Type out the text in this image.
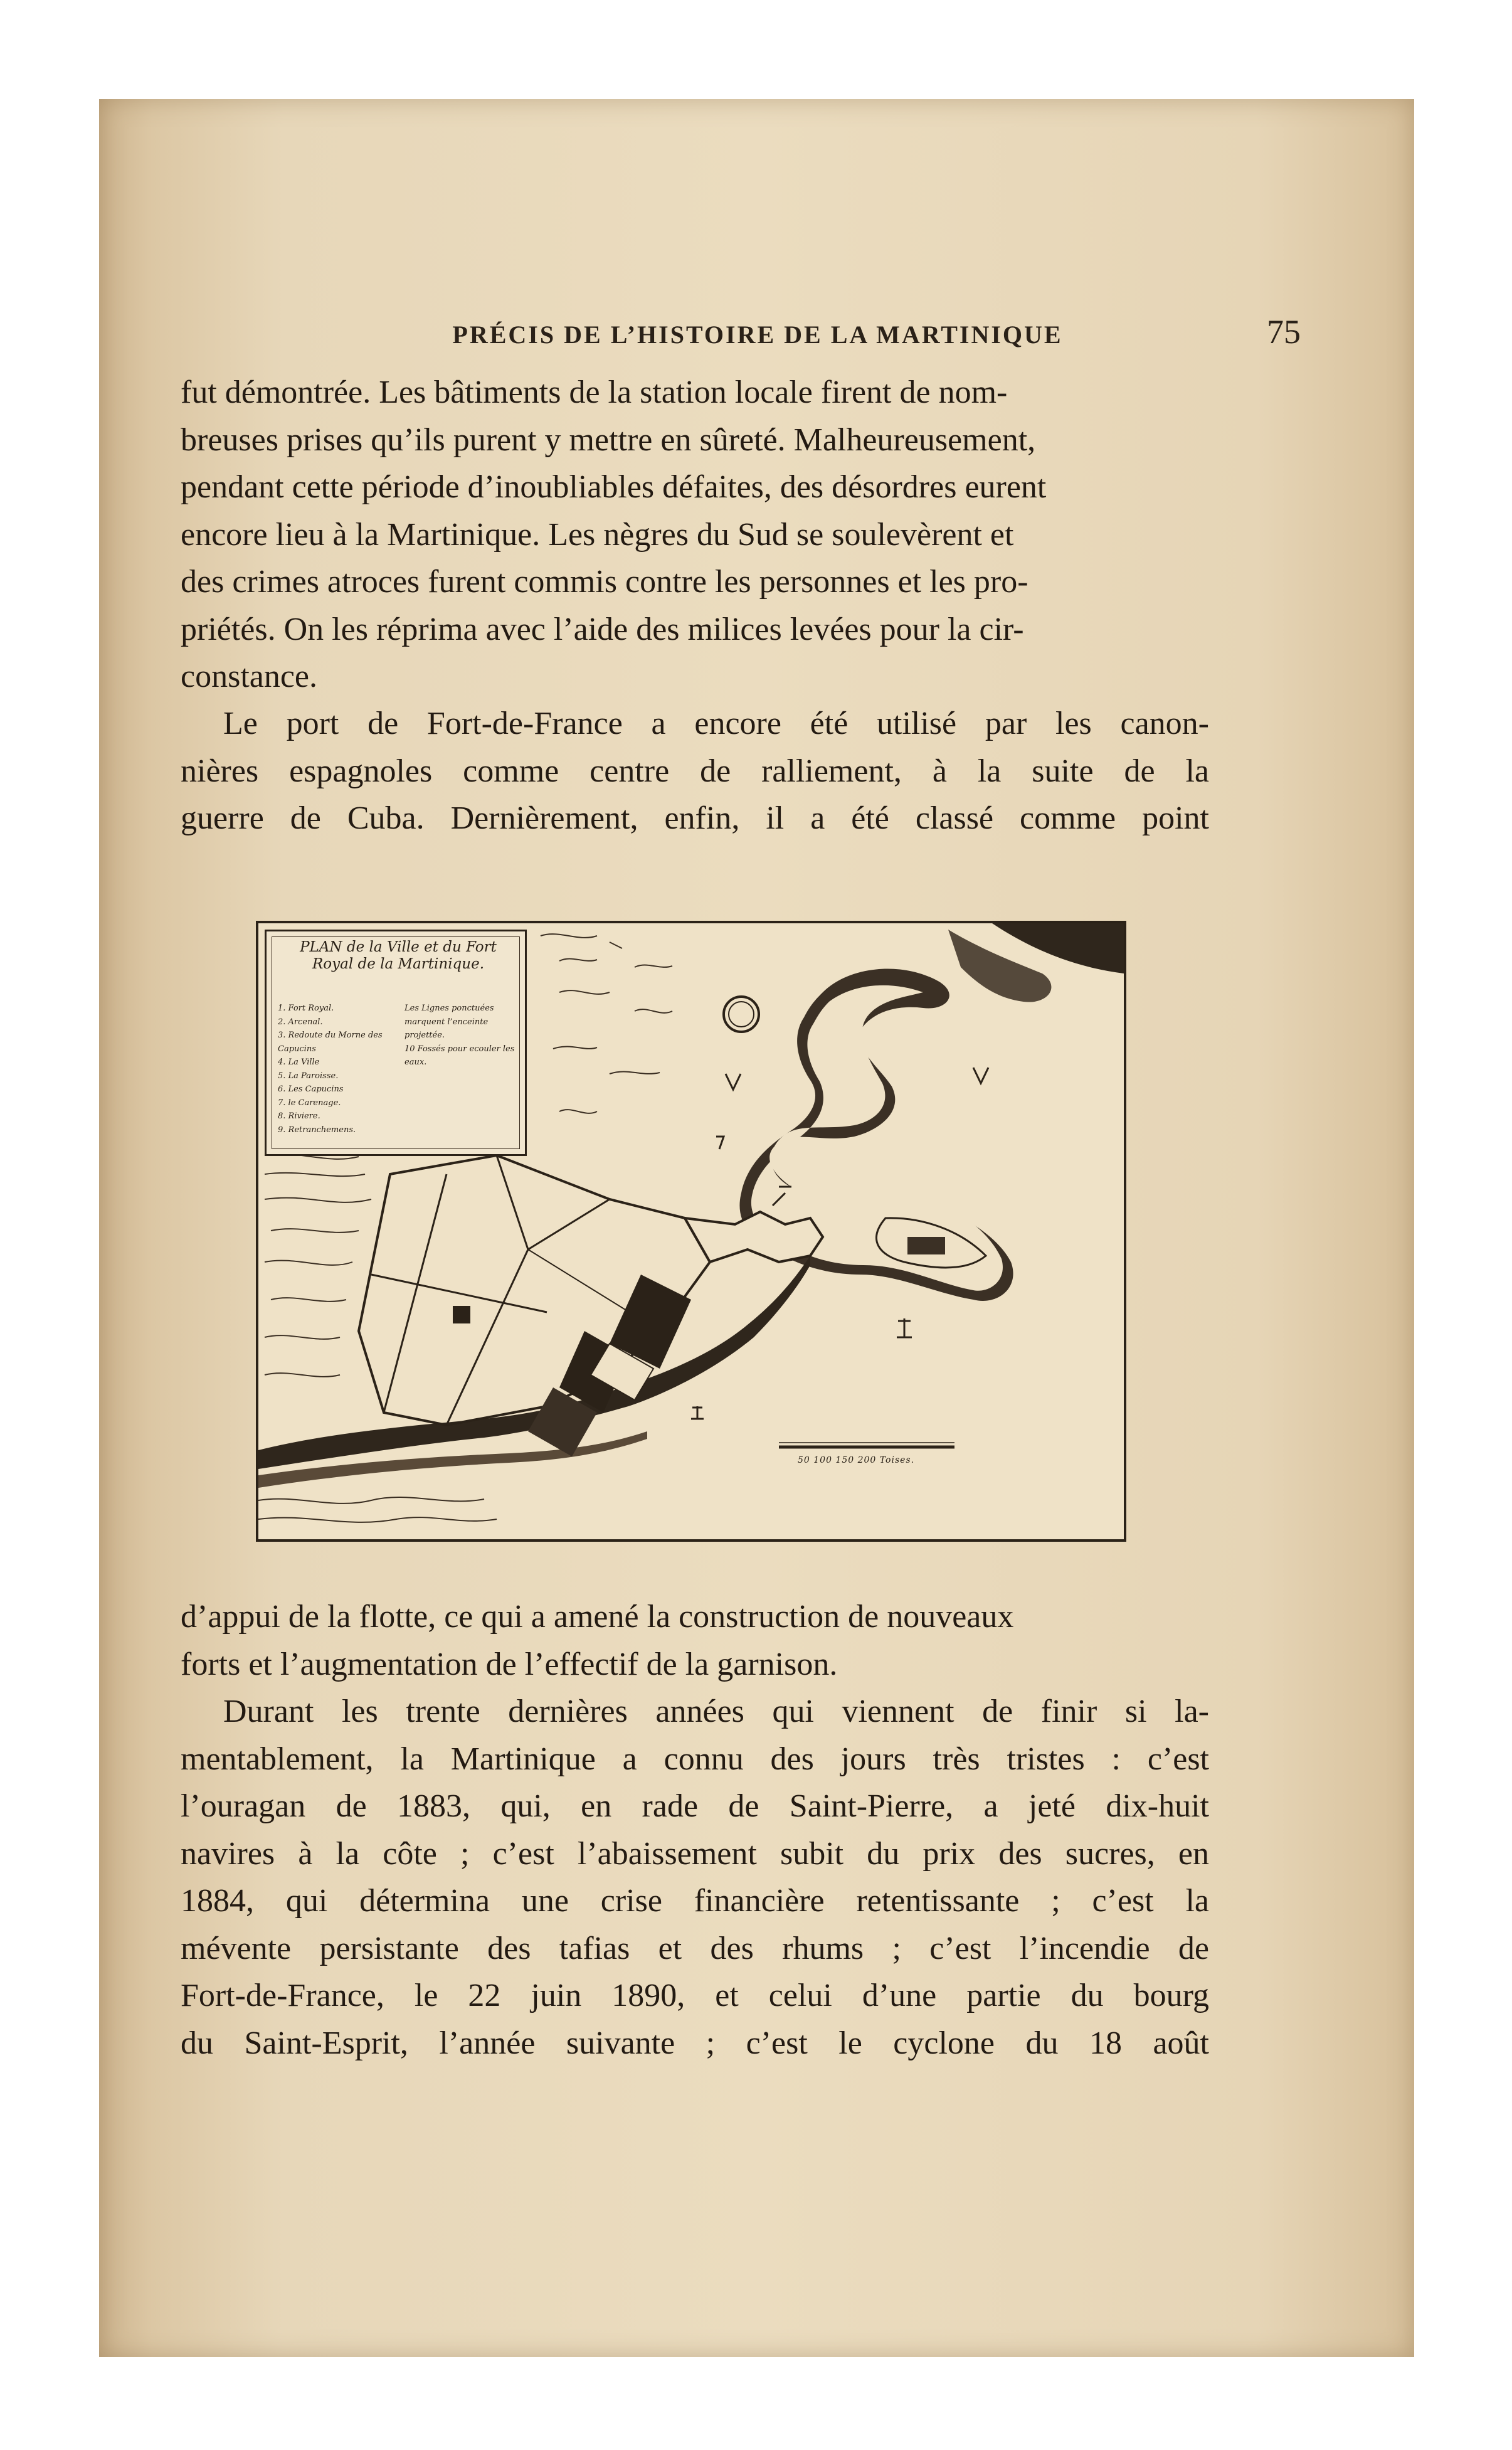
PRÉCIS DE L’HISTOIRE DE LA MARTINIQUE	75
fut démontrée. Les bâtiments de la station locale firent de nom-
breuses prises qu’ils purent y mettre en sûreté. Malheureusement,
pendant cette période d’inoubliables défaites, des désordres eurent
encore lieu à la Martinique. Les nègres du Sud se soulevèrent et
des crimes atroces furent commis contre les personnes et les pro-
priétés. On les réprima avec l’aide des milices levées pour la cir-
constance.
Le port de Fort-de-France a encore été utilisé par les canon-
nières espagnoles comme centre de ralliement, à la suite de la
guerre de Cuba. Dernièrement, enfin, il a été classé comme point
PLAN de la Ville et du Fort Royal de la Martinique.
1. Fort Royal.
2. Arcenal.
3. Redoute du Morne des Capucins
4. La Ville
5. La Paroisse.
6. Les Capucins
7. le Carenage.
8. Riviere.
9. Retranchemens.
Les Lignes ponctuées marquent l’enceinte projettée.
10 Fossés pour ecouler les eaux.
50 100 150 200 Toises.
d’appui de la flotte, ce qui a amené la construction de nouveaux
forts et l’augmentation de l’effectif de la garnison.
Durant les trente dernières années qui viennent de finir si la-
mentablement, la Martinique a connu des jours très tristes : c’est
l’ouragan de 1883, qui, en rade de Saint-Pierre, a jeté dix-huit
navires à la côte ; c’est l’abaissement subit du prix des sucres, en
1884, qui détermina une crise financière retentissante ; c’est la
mévente persistante des tafias et des rhums ; c’est l’incendie de
Fort-de-France, le 22 juin 1890, et celui d’une partie du bourg
du Saint-Esprit, l’année suivante ; c’est le cyclone du 18 août
